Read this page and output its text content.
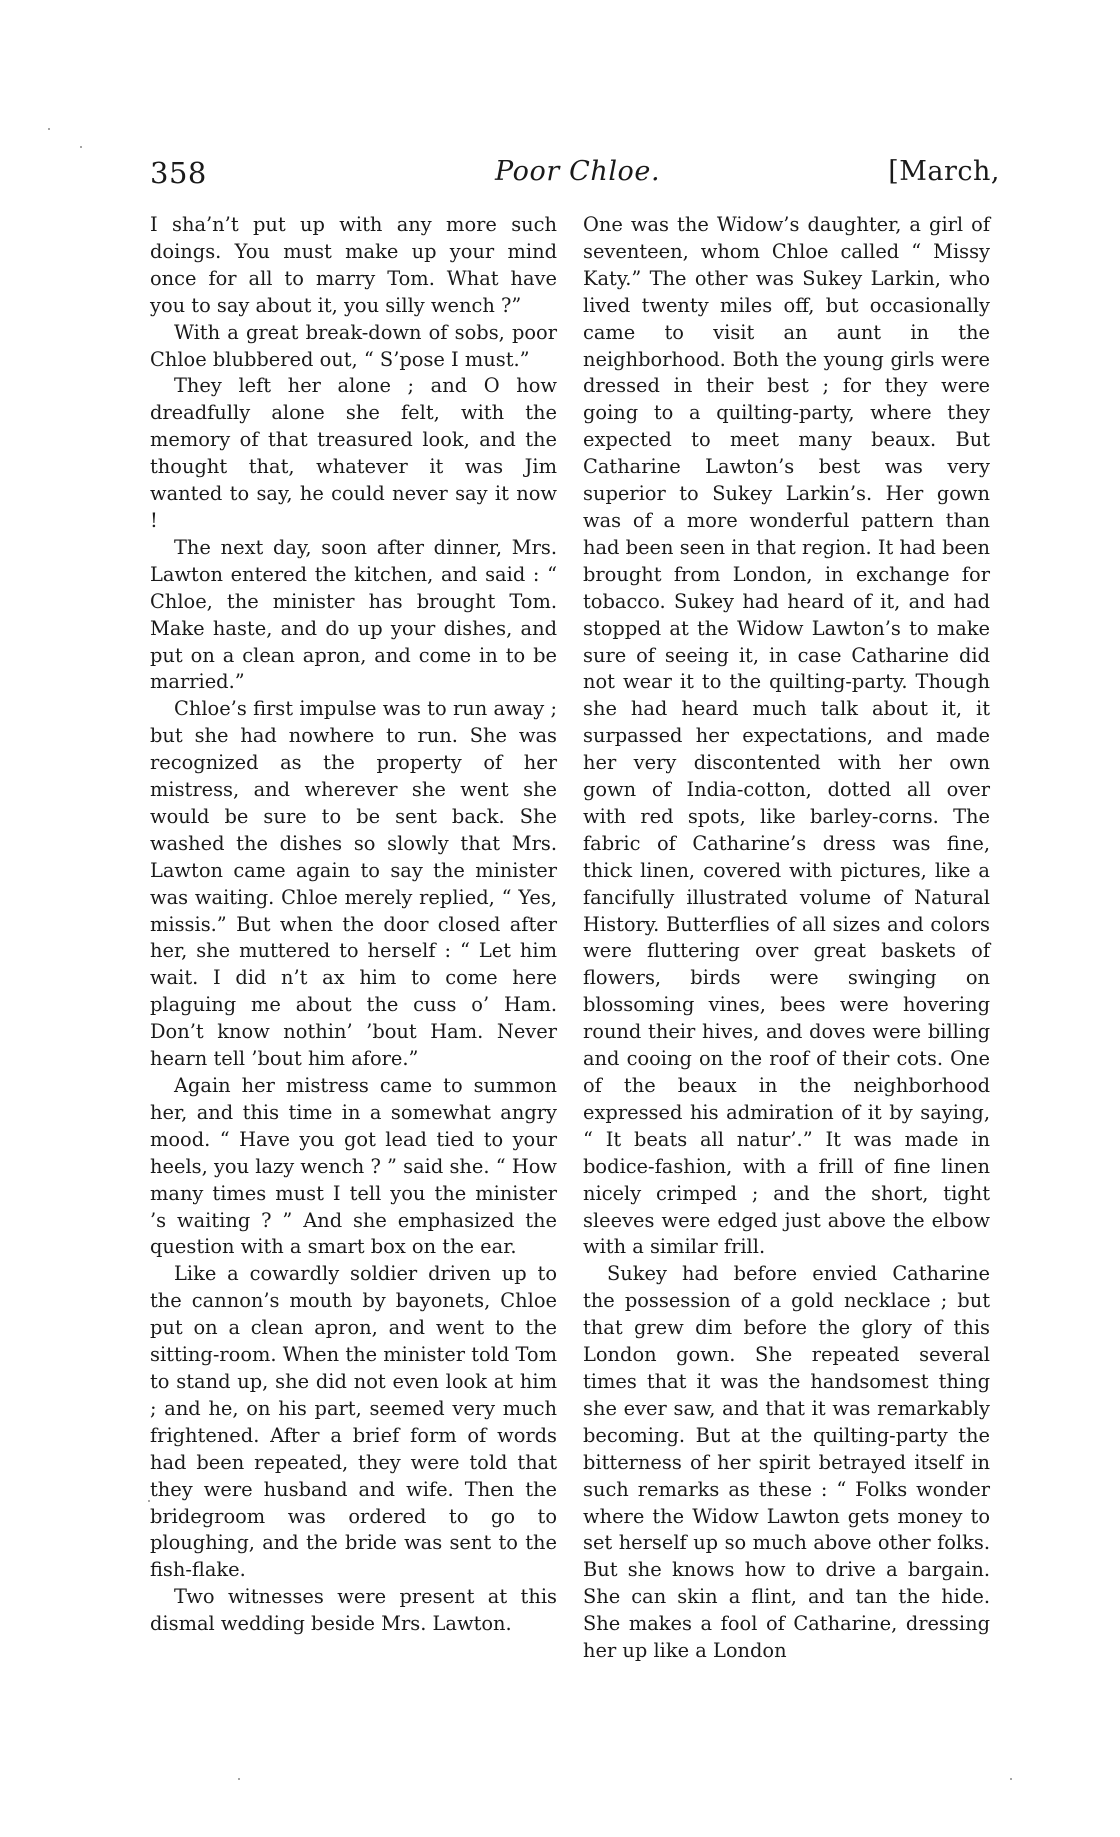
358	Poor Chloe.	[March,

I sha’n’t put up with any more such doings. You must make up your mind once for all to marry Tom. What have you to say about it, you silly wench ?”

With a great break-down of sobs, poor Chloe blubbered out, “ S’pose I must.”

They left her alone ; and O how dreadfully alone she felt, with the memory of that treasured look, and the thought that, whatever it was Jim wanted to say, he could never say it now !

The next day, soon after dinner, Mrs. Lawton entered the kitchen, and said : “ Chloe, the minister has brought Tom. Make haste, and do up your dishes, and put on a clean apron, and come in to be married.”

Chloe’s first impulse was to run away ; but she had nowhere to run. She was recognized as the property of her mistress, and wherever she went she would be sure to be sent back. She washed the dishes so slowly that Mrs. Lawton came again to say the minister was waiting. Chloe merely replied, “ Yes, missis.” But when the door closed after her, she muttered to herself : “ Let him wait. I did n’t ax him to come here plaguing me about the cuss o’ Ham. Don’t know nothin’ ’bout Ham. Never hearn tell ’bout him afore.”

Again her mistress came to summon her, and this time in a somewhat angry mood. “ Have you got lead tied to your heels, you lazy wench ? ” said she. “ How many times must I tell you the minister ’s waiting ? ” And she emphasized the question with a smart box on the ear.

Like a cowardly soldier driven up to the cannon’s mouth by bayonets, Chloe put on a clean apron, and went to the sitting-room. When the minister told Tom to stand up, she did not even look at him ; and he, on his part, seemed very much frightened. After a brief form of words had been repeated, they were told that they were husband and wife. Then the bridegroom was ordered to go to ploughing, and the bride was sent to the fish-flake.

Two witnesses were present at this dismal wedding beside Mrs. Lawton.

One was the Widow’s daughter, a girl of seventeen, whom Chloe called “ Missy Katy.” The other was Sukey Larkin, who lived twenty miles off, but occasionally came to visit an aunt in the neighborhood. Both the young girls were dressed in their best ; for they were going to a quilting-party, where they expected to meet many beaux. But Catharine Lawton’s best was very superior to Sukey Larkin’s. Her gown was of a more wonderful pattern than had been seen in that region. It had been brought from London, in exchange for tobacco. Sukey had heard of it, and had stopped at the Widow Lawton’s to make sure of seeing it, in case Catharine did not wear it to the quilting-party. Though she had heard much talk about it, it surpassed her expectations, and made her very discontented with her own gown of India-cotton, dotted all over with red spots, like barley-corns. The fabric of Catharine’s dress was fine, thick linen, covered with pictures, like a fancifully illustrated volume of Natural History. Butterflies of all sizes and colors were fluttering over great baskets of flowers, birds were swinging on blossoming vines, bees were hovering round their hives, and doves were billing and cooing on the roof of their cots. One of the beaux in the neighborhood expressed his admiration of it by saying, “ It beats all natur’.” It was made in bodice-fashion, with a frill of fine linen nicely crimped ; and the short, tight sleeves were edged just above the elbow with a similar frill.

Sukey had before envied Catharine the possession of a gold necklace ; but that grew dim before the glory of this London gown. She repeated several times that it was the handsomest thing she ever saw, and that it was remarkably becoming. But at the quilting-party the bitterness of her spirit betrayed itself in such remarks as these : “ Folks wonder where the Widow Lawton gets money to set herself up so much above other folks. But she knows how to drive a bargain. She can skin a flint, and tan the hide. She makes a fool of Catharine, dressing her up like a London
